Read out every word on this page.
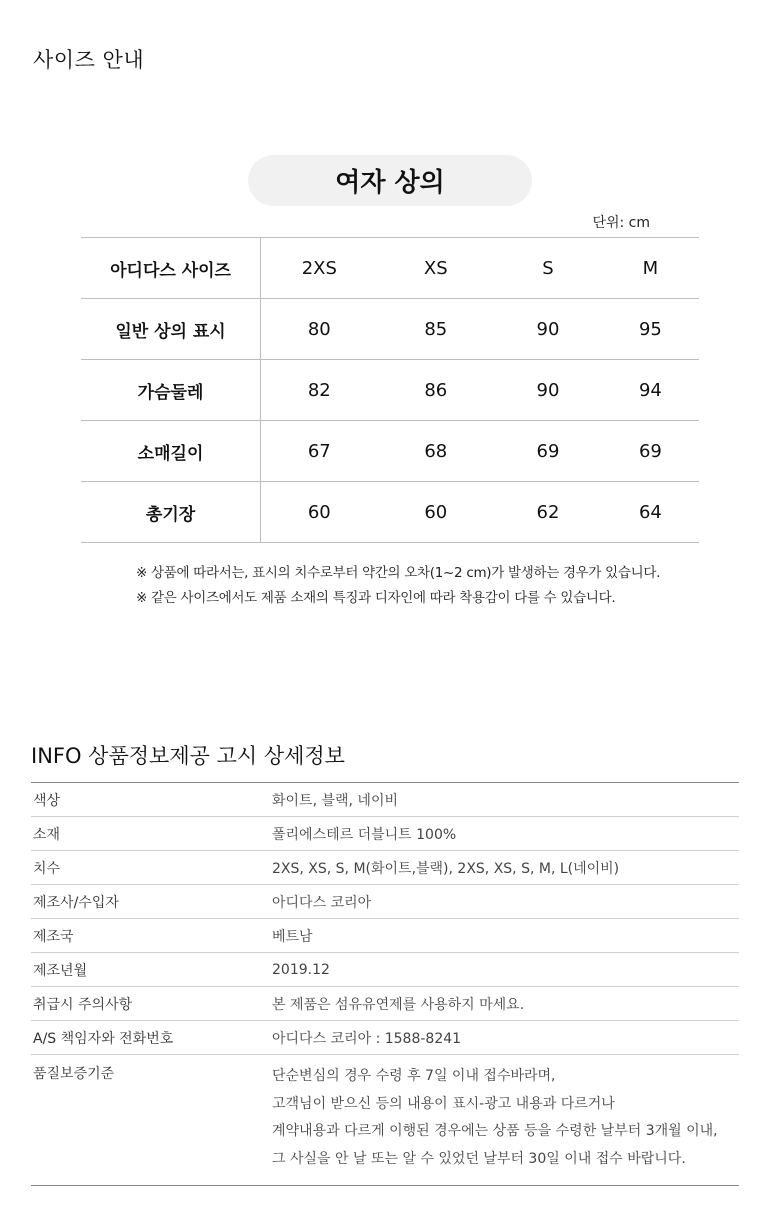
사이즈 안내
여자 상의
단위: cm
아디다스 사이즈	2XS	XS	S	M
일반 상의 표시	80	85	90	95
가슴둘레	82	86	90	94
소매길이	67	68	69	69
총기장	60	60	62	64
※ 상품에 따라서는, 표시의 치수로부터 약간의 오차(1~2 cm)가 발생하는 경우가 있습니다.
※ 같은 사이즈에서도 제품 소재의 특징과 디자인에 따라 착용감이 다를 수 있습니다.
INFO 상품정보제공 고시 상세정보
색상	화이트, 블랙, 네이비
소재	폴리에스테르 더블니트 100%
치수	2XS, XS, S, M(화이트,블랙), 2XS, XS, S, M, L(네이비)
제조사/수입자	아디다스 코리아
제조국	베트남
제조년월	2019.12
취급시 주의사항	본 제품은 섬유유연제를 사용하지 마세요.
A/S 책임자와 전화번호	아디다스 코리아 : 1588-8241
품질보증기준	단순변심의 경우 수령 후 7일 이내 접수바라며,
고객님이 받으신 등의 내용이 표시-광고 내용과 다르거나
계약내용과 다르게 이행된 경우에는 상품 등을 수령한 날부터 3개월 이내,
그 사실을 안 날 또는 알 수 있었던 날부터 30일 이내 접수 바랍니다.
